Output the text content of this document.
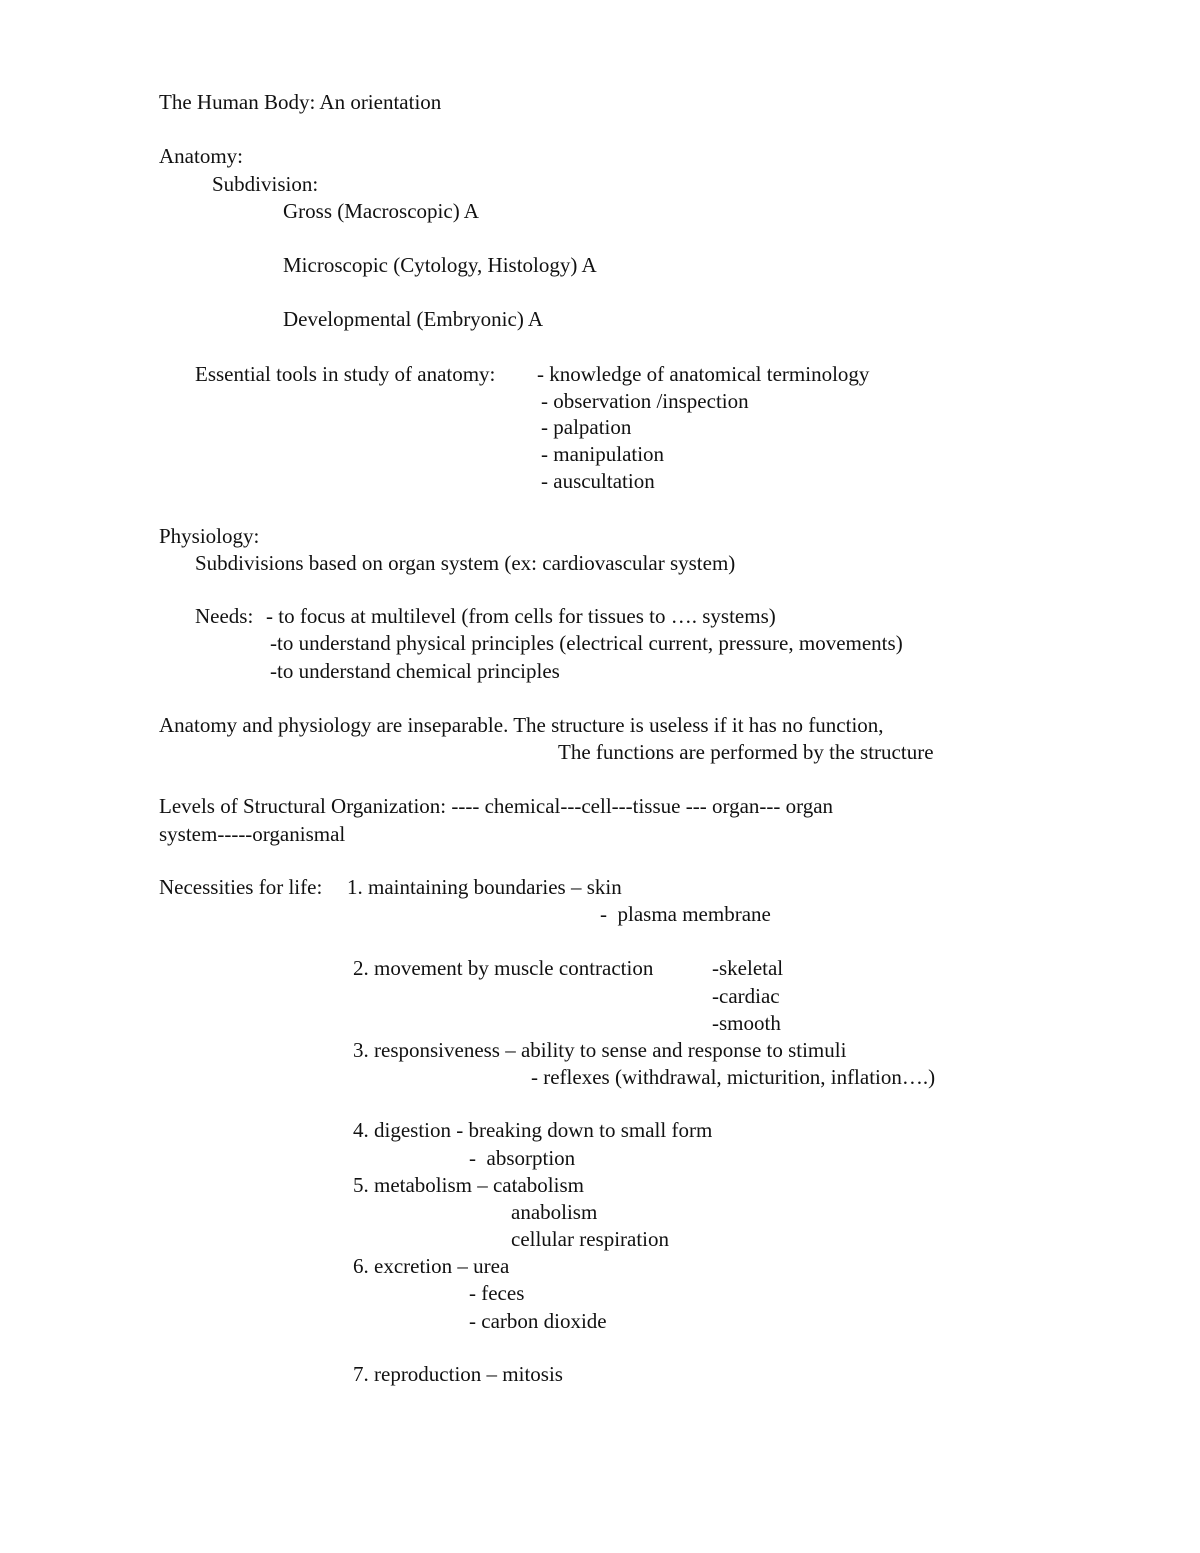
The Human Body: An orientation

Anatomy:

Subdivision:

Gross (Macroscopic) A

Microscopic (Cytology, Histology) A

Developmental (Embryonic) A

Essential tools in study of anatomy: - knowledge of anatomical terminology

- observation /inspection

- palpation

- manipulation

- auscultation

Physiology:

Subdivisions based on organ system (ex: cardiovascular system)

Needs: - to focus at multilevel (from cells for tissues to …. systems)

-to understand physical principles (electrical current, pressure, movements)

-to understand chemical principles

Anatomy and physiology are inseparable. The structure is useless if it has no function,

The functions are performed by the structure

Levels of Structural Organization: ---- chemical---cell---tissue --- organ--- organ

system-----organismal

Necessities for life: 1. maintaining boundaries – skin

-  plasma membrane

2. movement by muscle contraction	-skeletal

-cardiac

-smooth

3. responsiveness – ability to sense and response to stimuli

- reflexes (withdrawal, micturition, inflation….)

4. digestion - breaking down to small form

-  absorption

5. metabolism – catabolism

anabolism

cellular respiration

6. excretion – urea

- feces

- carbon dioxide

7. reproduction – mitosis
